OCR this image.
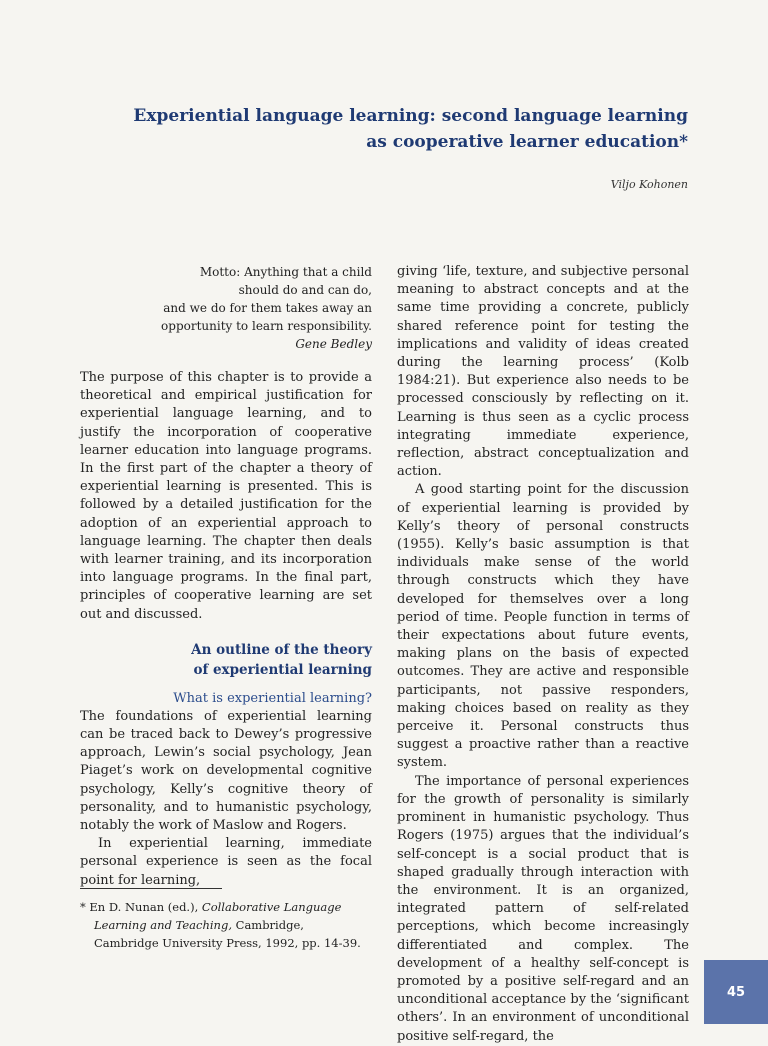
Experiential language learning: second language learning
as cooperative learner education*
Viljo Kohonen
Motto: Anything that a child
should do and can do,
and we do for them takes away an
opportunity to learn responsibility.
Gene Bedley

The purpose of this chapter is to provide a theoretical and empirical justification for experiential language learning, and to justify the incorporation of cooperative learner education into language programs. In the first part of the chapter a theory of experiential learning is presented. This is followed by a detailed justification for the adoption of an experiential approach to language learning. The chapter then deals with learner training, and its incorporation into language programs. In the final part, principles of cooperative learning are set out and discussed.

An outline of the theory
of experiential learning
What is experiential learning?

The foundations of experiential learning can be traced back to Dewey’s progressive approach, Lewin’s social psychology, Jean Piaget’s work on developmental cognitive psychology, Kelly’s cognitive theory of personality, and to humanistic psychology, notably the work of Maslow and Rogers.

In experiential learning, immediate personal experience is seen as the focal point for learning,

giving ‘life, texture, and subjective personal meaning to abstract concepts and at the same time providing a concrete, publicly shared reference point for testing the implications and validity of ideas created during the learning process’ (Kolb 1984:21). But experience also needs to be processed consciously by reflecting on it. Learning is thus seen as a cyclic process integrating immediate experience, reflection, abstract conceptualization and action.

A good starting point for the discussion of experiential learning is provided by Kelly’s theory of personal constructs (1955). Kelly’s basic assumption is that individuals make sense of the world through constructs which they have developed for themselves over a long period of time. People function in terms of their expectations about future events, making plans on the basis of expected outcomes. They are active and responsible participants, not passive responders, making choices based on reality as they perceive it. Personal constructs thus suggest a proactive rather than a reactive system.

The importance of personal experiences for the growth of personality is similarly prominent in humanistic psychology. Thus Rogers (1975) argues that the individual’s self-concept is a social product that is shaped gradually through interaction with the environment. It is an organized, integrated pattern of self-related perceptions, which become increasingly differentiated and complex. The development of a healthy self-concept is promoted by a positive self-regard and an unconditional acceptance by the ‘significant others’. In an environment of unconditional positive self-regard, the

* En D. Nunan (ed.), Collaborative Language Learning and Teaching, Cambridge, Cambridge University Press, 1992, pp. 14-39.
45
